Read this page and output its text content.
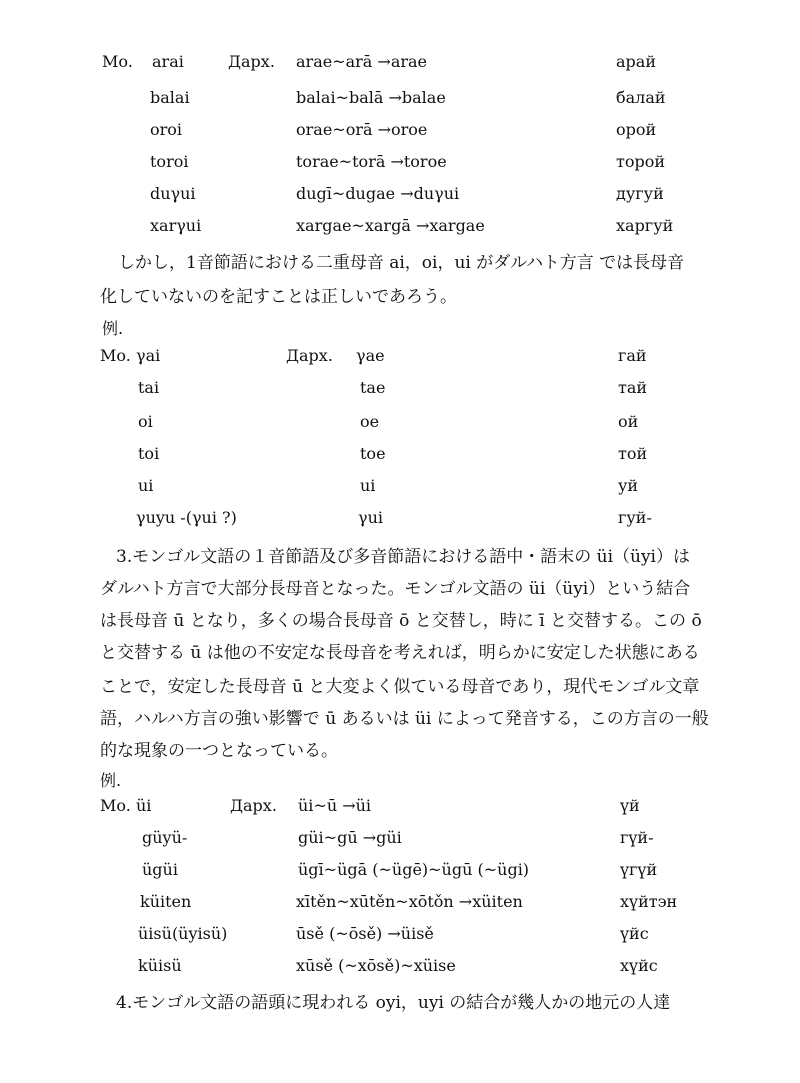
Mo. arai	Дарх. arae~arā →arae	арай
balai	balai~balā →balae	балай
oroi	orae~orā →oroe	орой
toroi	torae~torā →toroe	торой
duγui	dugī~dugae →duγui	дугуй
xarγui	xargae~xargā →xargae	харгуй
しかし，1音節語における二重母音 ai，oi，ui がダルハト方言 では長母音
化していないのを記すことは正しいであろう。
例.
Mo. γai	Дарх. γae	гай
tai	tae	тай
oi	oe	ой
toi	toe	той
ui	ui	уй
γuyu -(γui ?)	γui	гуй-
3.モンゴル文語の１音節語及び多音節語における語中・語末の üi（üyi）は
ダルハト方言で大部分長母音となった。モンゴル文語の üi（üyi）という結合
は長母音 ū となり，多くの場合長母音 ō と交替し，時に ī と交替する。この ō
と交替する ū は他の不安定な長母音を考えれば，明らかに安定した状態にある
ことで，安定した長母音 ū と大変よく似ている母音であり，現代モンゴル文章
語，ハルハ方言の強い影響で ū あるいは üi によって発音する，この方言の一般
的な現象の一つとなっている。
例.
Mo. üi	Дарх. üi~ū →üi	үй
güyü-	güi~gū →güi	гүй-
ügüi	ügī~ügā (~ügē)~ügū (~ügi)	үгүй
küiten	xītěn~xūtěn~xōtǒn →xüiten	хүйтэн
üisü(üyisü)	ūsě (~ōsě) →üisě	үйс
küisü	xūsě (~xōsě)~xüise	хүйс
4.モンゴル文語の語頭に現われる oyi，uyi の結合が幾人かの地元の人達
